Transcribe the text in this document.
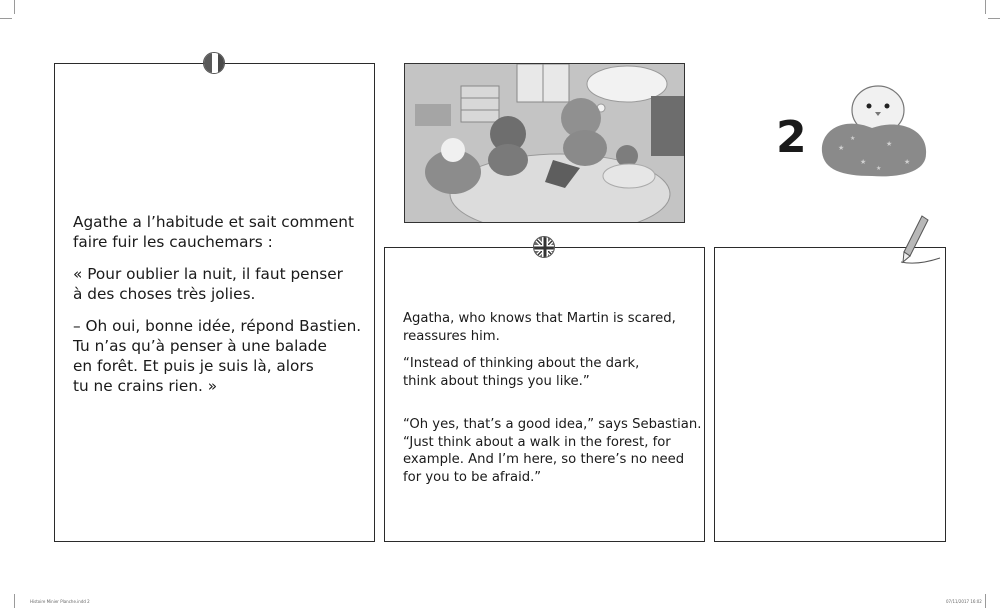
Agathe a l’habitude et sait comment
faire fuir les cauchemars :

« Pour oublier la nuit, il faut penser
à des choses très jolies.

– Oh oui, bonne idée, répond Bastien.
Tu n’as qu’à penser à une balade
en forêt. Et puis je suis là, alors
tu ne crains rien. »

2	★
★
★
★
★
★

Agatha, who knows that Martin is scared,
reassures him.

“Instead of thinking about the dark,
think about things you like.”

“Oh yes, that’s a good idea,” says Sebastian.
“Just think about a walk in the forest, for
example. And I’m here, so there’s no need
for you to be afraid.”

Histoire Minier Planche.indd 2	07/11/2017 16:02
